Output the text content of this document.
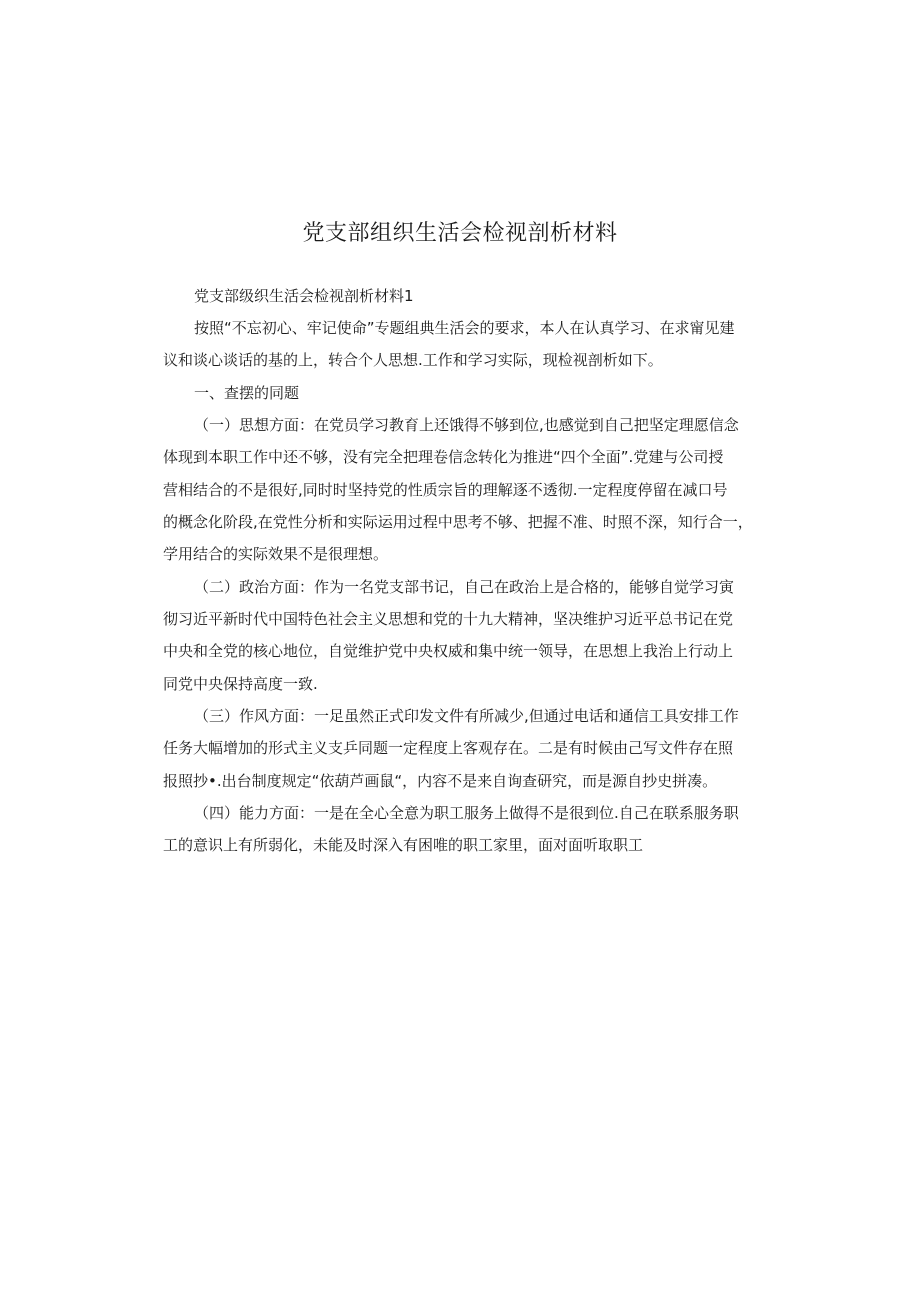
党支部组织生活会检视剖析材料
党支部级织生活会检视剖析材料1
按照“不忘初心、牢记使命”专题组典生活会的要求，本人在认真学习、在求甯见建
议和谈心谈话的基的上，转合个人思想.工作和学习实际，现检视剖析如下。
一、查摆的同题
（一）思想方面：在党员学习教育上还饿得不够到位,也感觉到自己把坚定理愿信念
体现到本职工作中还不够，没有完全把理卷信念转化为推进“四个全面”.党建与公司授
营相结合的不是很好,同时时坚持党的性质宗旨的理解逐不透彻.一定程度停留在减口号
的概念化阶段,在党性分析和实际运用过程中思考不够、把握不准、时照不深，知行合一，
学用结合的实际效果不是很理想。
（二）政治方面：作为一名党支部书记，自己在政治上是合格的，能够自觉学习寅
彻习近平新时代中国特色社会主义思想和党的十九大精神，坚决维护习近平总书记在党
中央和全党的核心地位，自觉维护党中央权威和集中统一领导，在思想上我治上行动上
同党中央保持高度一致.
（三）作风方面：一足虽然正式印发文件有所减少,但通过电话和通信工具安排工作
任务大幅增加的形式主义支乒同题一定程度上客观存在。二是有时候由己写文件存在照
报照抄•.出台制度规定“依葫芦画鼠“，内容不是来自询查研究，而是源自抄史拼凑。
（四）能力方面：一是在全心全意为职工服务上做得不是很到位.自己在联系服务职
工的意识上有所弱化，未能及时深入有困唯的职工家里，面对面听取职工
